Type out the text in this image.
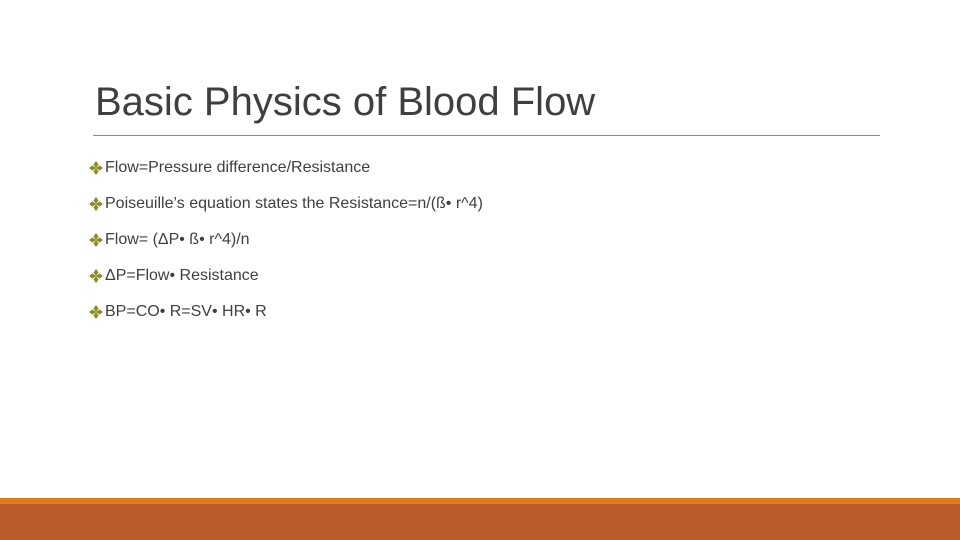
Basic Physics of Blood Flow
Flow=Pressure difference/Resistance
Poiseuille’s equation states the Resistance=n/(ß• r^4)
Flow= (ΔP• ß• r^4)/n
ΔP=Flow• Resistance
BP=CO• R=SV• HR• R
